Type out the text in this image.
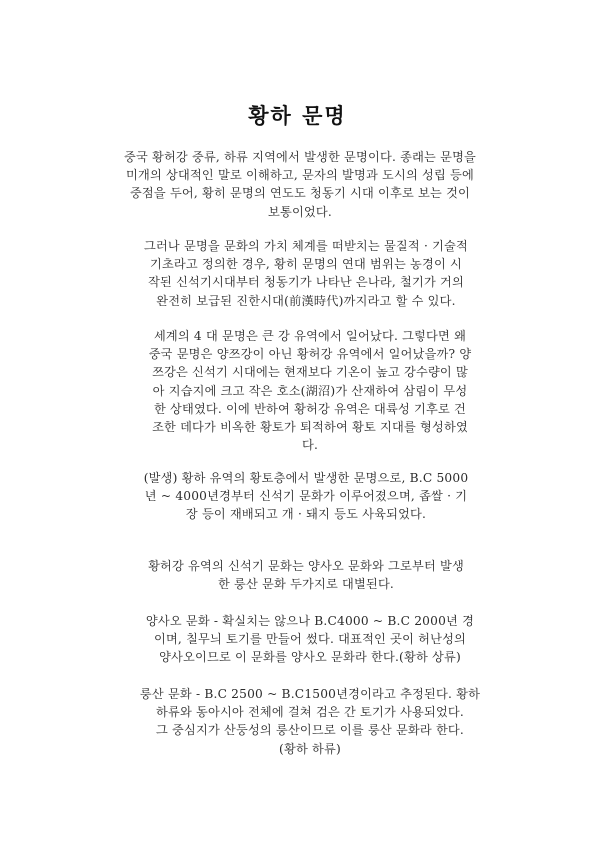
황하 문명
중국 황허강 중류, 하류 지역에서 발생한 문명이다. 종래는 문명을
미개의 상대적인 말로 이해하고, 문자의 발명과 도시의 성립 등에
중점을 두어, 황히 문명의 연도도 청동기 시대 이후로 보는 것이
보통이었다.
그러나 문명을 문화의 가치 체계를 떠받치는 물질적 · 기술적
기초라고 정의한 경우, 황히 문명의 연대 범위는 농경이 시
작된 신석기시대부터 청동기가 나타난 은나라, 철기가 거의
완전히 보급된 진한시대(前漢時代)까지라고 할 수 있다.
세계의 4 대 문명은 큰 강 유역에서 일어났다. 그렇다면 왜
중국 문명은 양쯔강이 아닌 황허강 유역에서 일어났을까? 양
쯔강은 신석기 시대에는 현재보다 기온이 높고 강수량이 많
아 지습지에 크고 작은 호소(湖沼)가 산재하여 삼림이 무성
한 상태였다. 이에 반하여 황허강 유역은 대륙성 기후로 건
조한 데다가 비옥한 황토가 퇴적하여 황토 지대를 형성하였
다.
(발생) 황하 유역의 황토층에서 발생한 문명으로, B.C 5000
년 ~ 4000년경부터 신석기 문화가 이루어졌으며, 좁쌀 · 기
장 등이 재배되고 개 · 돼지 등도 사육되었다.
황허강 유역의 신석기 문화는 양사오 문화와 그로부터 발생
한 룽산 문화 두가지로 대별된다.
양사오 문화 - 확실치는 않으나 B.C4000 ~ B.C 2000년 경
이며, 칠무늬 토기를 만들어 썼다. 대표적인 곳이 허난성의
양사오이므로 이 문화를 양사오 문화라 한다.(황하 상류)
룽산 문화 - B.C 2500 ~ B.C1500년경이라고 추정된다. 황하
하류와 동아시아 전체에 걸쳐 검은 간 토기가 사용되었다.
그 중심지가 산둥성의 룽산이므로 이를 룽산 문화라 한다.
(황하 하류)
